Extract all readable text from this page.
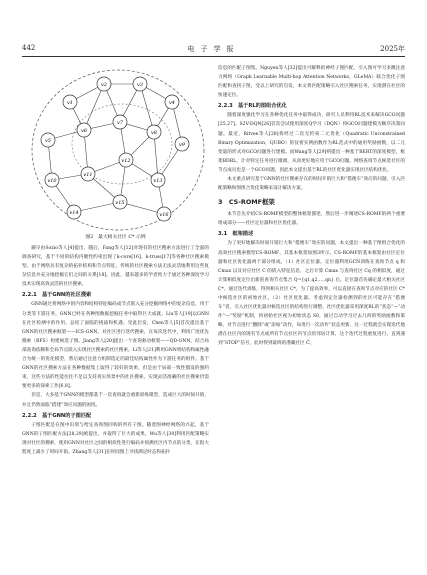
442	电子学报	2025年
v1
v2	v3
v4
v5
v6
v7
v8
v9
v10
v11
v12
v13
v14
v15
v16
图2　最大相关社区 C* 示例

蕨早由Sozio等人[4]提出，随后，Fang等人[12]对现有的社区搜索方法进行了全面的调查研究，基于不同的结构内聚性约束出现了k-core[16]、k-truss[17]等各种社区搜索模型。由于网络具有复杂的拓扑结构和节点特征，传统的社区搜索方法无法灵活地利用这些复杂信息并充分地挖掘它们之间的关系[18]。因此，越来越多的学者致力于通过各种深度学习技术实现高效灵活的社区搜索。

2.2.1　基于GNN的社区搜索

GNN通过将网络中的内容和结构特征编码成节点嵌入充分挖掘网络中的复杂信息，用于分类等下游任务。GNN已经在各种图数据挖掘任务中取得巨大成就。Liu等人[19]以GNN在社区检测中的作用，总结了面临的挑战和机遇。受此启发，Chen等人[5]首次提出基于GNN的社区搜索框架——ICS-GNN，对社区进行迭代搜索，在每次迭代中，利用广度优先搜索（BFS）构建候选子图。Jiang等人[20]提出一个查询驱动框架——QD-GNN，结合局部查询依赖和全局节点嵌入实现社区搜索的社区搜索。Li等人[21]利用GNN将结构和属性融合为统一的优化模型，然后通过注意力机制选定的最佳结构属性作为下游任务的组件。基于GNN的社区搜索方法在各种数据集上取得了较好的效果，但是由于局部一致性假设的强约束，这些方法的性能往往不足以支持真实场景中的社区搜索。实现灵活准确的社区搜索仍需要更多的探索工作[6,8]。

但是，大多基于GNN的模型都基于一次查询就会重新训练模型，造成巨大的时间开销，并且仍然面临“搭建”效应问题的困扰。

2.2.2　基于GNN的子图匹配

子图匹配是在图中识别与给定查询图同构的所有子图。随着图神经网络的兴起，基于GNN的子图匹配方法[28,29]被提出，并取得了巨大的成果。Wu等人[30]利用匹配策略实现对社区的搜索，使用GNN对社区之间的相似性进行编码并预测社区内节点的分类，在很大程度上减少了时间开销。Zhang等人[31]在时间图上寻找满足时态和拓扑

信息的匹配子图集。Nguyen等人[32]提出可解释的神经子图匹配，引入图可学习多跳注意力网络（Graph Learnable Multi-hop Attention Networks，GLeMA）联合优化子图匹配和查找子图，受以上研究的启发，本文将匹配策略引入社区搜索任务，实现潜在社区的快速定位。

2.2.3　基于RL的图组合优化

随着深度强化学习在各种优化任务中取得成功，研究人员利用RL技术来解决GCO问题[25,27]。S2V-DQN[26]首次尝试使用深度Q学习（DQN）将GCO问题建模为顺序决策问题。最近，Ritvee等人[28]将经过二次无约束二元优化（Quadratic Unconstrained Binary Optimization，QUBO）的仪密实例函数作为RL范式中的通用奖励函数，以二元变量的形式对GCO问题进行建模。而Wang等人[29]则提出一种基于BERT的深度模型，框架BDRL，计对特定任务进行微调，从而更好地应用于GCO问题。网络查询节点候选社区的节点成员也是一个GCO问题，因此本文提出基于RL的社区优化器实现社区结构优化。

本文重点研究基于GNN的社区搜索存在的时间开销巨大和“搭便车”效应的问题，引入匹配策略和图组合优化策略来设计解决方案。

3　CS-ROMF框架

本节首先介绍CS-ROMF模型的整体框架描述，然后进一步阐述CS-ROMF的两个重要组成部分——社区定位器和社区优化器。

3.1　框架描述

为了更好地解决时间开销巨大和“搭便车”效应的问题，本文提出一种基于图组合优化的高效社区搜索模型CS-ROMF，其基本框架如图3所示。CS-ROMF的基本框架由社区定位器和社区优化器两个部分组成。（1）社区定位器。定位器利用GCN训练在查询节点 q 和 Cmax 以及对应社区 C 的嵌入特征信息，之后计算 Cmax 与查询社区 Cq 的相似度，通过计算相似度定位出新的查询节点集合 Q={q1,q2,…,qn} 后，定位器首先确定最大相关社区 C*，通过迭代训练，得到相关社区 C*，为了提高效率，可以直接在查询节点对应的社区 C* 中候选社区的初始社区。（2）社区优化器。考虑到定位器检测到的社区可能存在“搭便车”者，引入社区优化器对候选社区的结构进行调整。社区优化器采用深度RL的“状态”—“动作”—“奖励”机制，将初始社区视为初始状态 S0，通过自动学习过去几何的奖励函数和策略，对节点进行“删除”或“添加”动作，每进行一次动作“状态更新，这一过程就会实现迭代地潜在社区内的现有节点或所有节点社区内节点的邻居计算，这个迭代过程重复进行，直到遇到“STOP”信号，此时得到最终的潜藏社区 Ĉ。
